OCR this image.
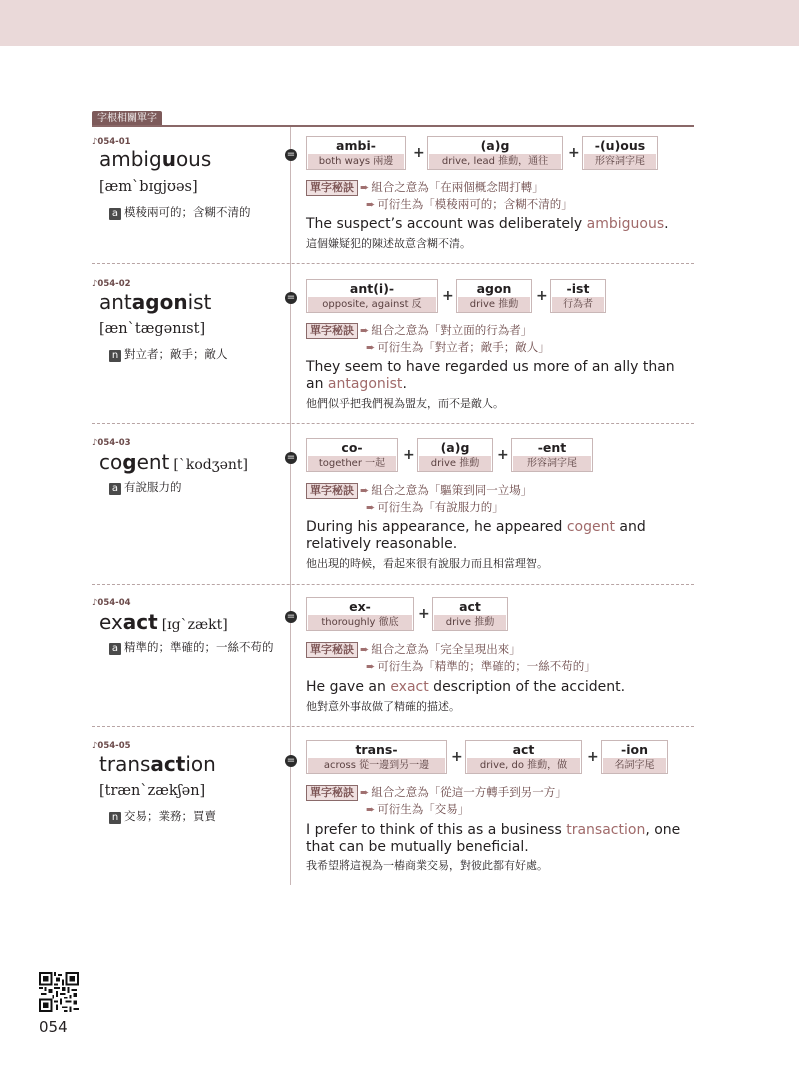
字根相關單字
♪054-01
ambiguous
[æm`bɪgjʊəs]
a 模稜兩可的；含糊不清的
=
ambi-
both ways 兩邊
+	(a)g
drive, lead 推動，通往
+	-(u)ous
形容詞字尾
單字秘訣 ➨ 組合之意為「在兩個概念間打轉」
➨ 可衍生為「模稜兩可的；含糊不清的」
The suspect’s account was deliberately ambiguous.
這個嫌疑犯的陳述故意含糊不清。
♪054-02
antagonist
[æn`tægənɪst]
n 對立者；敵手；敵人
=
ant(i)-
opposite, against 反
+	agon
drive 推動
+	-ist
行為者
單字秘訣 ➨ 組合之意為「對立面的行為者」
➨ 可衍生為「對立者；敵手；敵人」
They seem to have regarded us more of an ally than an antagonist.
他們似乎把我們視為盟友，而不是敵人。
♪054-03
cogent [`kodʒənt]
a 有說服力的
=
co-
together 一起
+	(a)g
drive 推動
+	-ent
形容詞字尾
單字秘訣 ➨ 組合之意為「驅策到同一立場」
➨ 可衍生為「有說服力的」
During his appearance, he appeared cogent and relatively reasonable.
他出現的時候，看起來很有說服力而且相當理智。
♪054-04
exact [ɪg`zækt]
a 精準的；準確的；一絲不苟的
=
ex-
thoroughly 徹底
+	act
drive 推動
單字秘訣 ➨ 組合之意為「完全呈現出來」
➨ 可衍生為「精準的；準確的；一絲不苟的」
He gave an exact description of the accident.
他對意外事故做了精確的描述。
♪054-05
transaction
[træn`zækʃən]
n 交易；業務；買賣
=
trans-
across 從一邊到另一邊
+	act
drive, do 推動，做
+	-ion
名詞字尾
單字秘訣 ➨ 組合之意為「從這一方轉手到另一方」
➨ 可衍生為「交易」
I prefer to think of this as a business transaction, one that can be mutually beneficial.
我希望將這視為一樁商業交易，對彼此都有好處。
054
